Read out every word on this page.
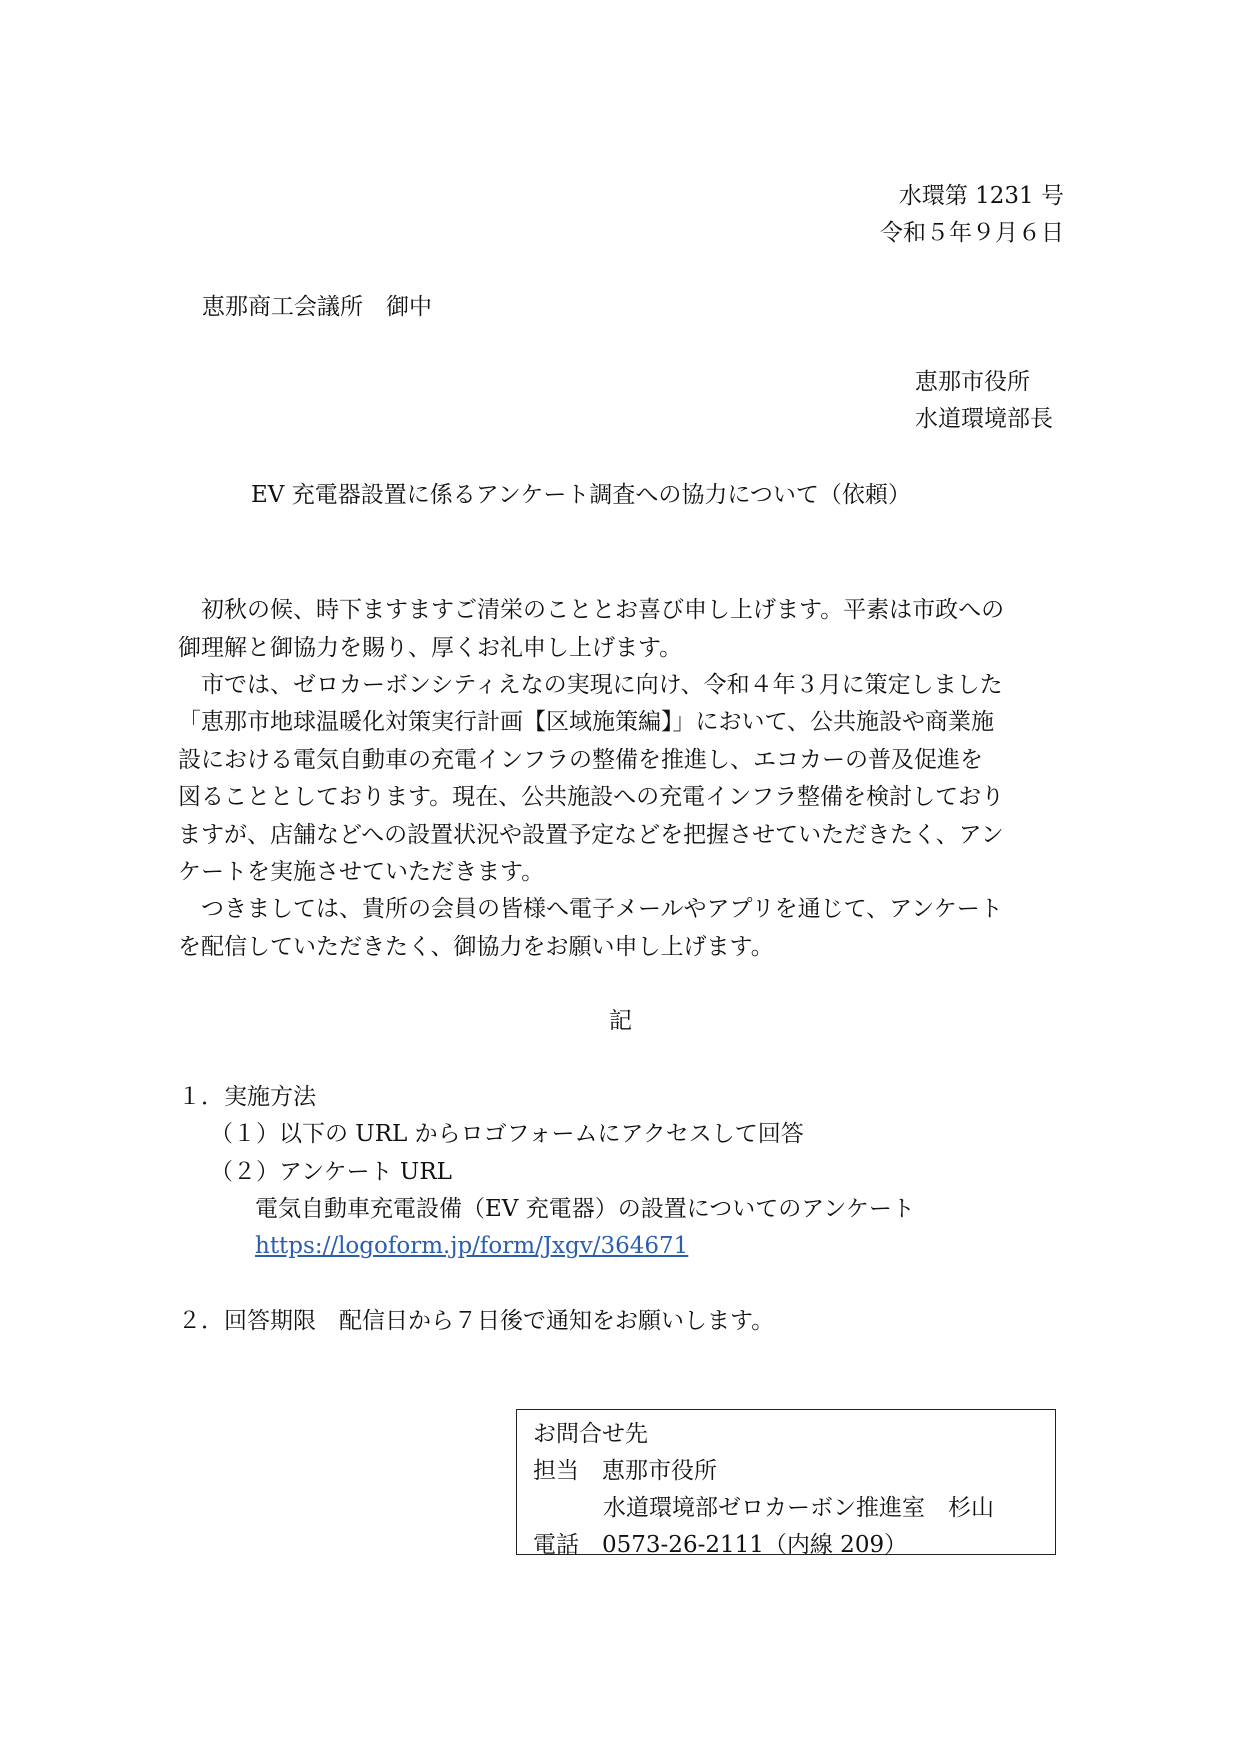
水環第 1231 号
令和５年９月６日
恵那商工会議所　御中
恵那市役所
水道環境部長
EV 充電器設置に係るアンケート調査への協力について（依頼）
　初秋の候、時下ますますご清栄のこととお喜び申し上げます。平素は市政への
御理解と御協力を賜り、厚くお礼申し上げます。
　市では、ゼロカーボンシティえなの実現に向け、令和４年３月に策定しました
「恵那市地球温暖化対策実行計画【区域施策編】」において、公共施設や商業施
設における電気自動車の充電インフラの整備を推進し、エコカーの普及促進を
図ることとしております。現在、公共施設への充電インフラ整備を検討しており
ますが、店舗などへの設置状況や設置予定などを把握させていただきたく、アン
ケートを実施させていただきます。
　つきましては、貴所の会員の皆様へ電子メールやアプリを通じて、アンケート
を配信していただきたく、御協力をお願い申し上げます。
記
１．実施方法
（１）以下の URL からロゴフォームにアクセスして回答
（２）アンケート URL
電気自動車充電設備（EV 充電器）の設置についてのアンケート
https://logoform.jp/form/Jxgv/364671
２．回答期限　配信日から７日後で通知をお願いします。
お問合せ先
担当　恵那市役所
水道環境部ゼロカーボン推進室　杉山
電話　0573-26-2111（内線 209）
